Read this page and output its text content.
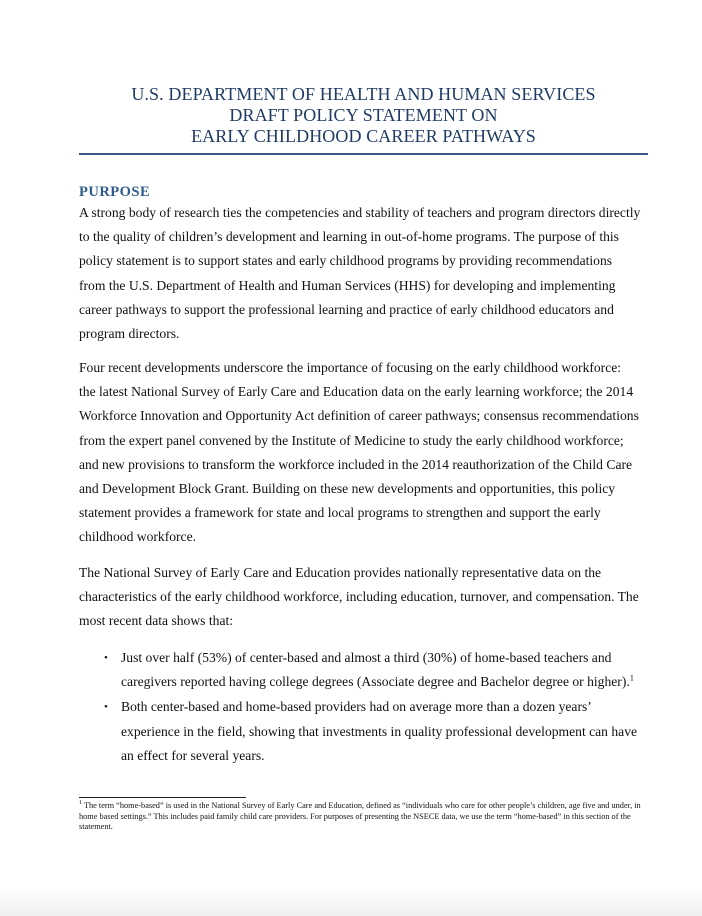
U.S. DEPARTMENT OF HEALTH AND HUMAN SERVICES
DRAFT POLICY STATEMENT ON
EARLY CHILDHOOD CAREER PATHWAYS
PURPOSE
A strong body of research ties the competencies and stability of teachers and program directors directly to the quality of children’s development and learning in out-of-home programs. The purpose of this policy statement is to support states and early childhood programs by providing recommendations from the U.S. Department of Health and Human Services (HHS) for developing and implementing career pathways to support the professional learning and practice of early childhood educators and program directors.
Four recent developments underscore the importance of focusing on the early childhood workforce: the latest National Survey of Early Care and Education data on the early learning workforce; the 2014 Workforce Innovation and Opportunity Act definition of career pathways; consensus recommendations from the expert panel convened by the Institute of Medicine to study the early childhood workforce; and new provisions to transform the workforce included in the 2014 reauthorization of the Child Care and Development Block Grant. Building on these new developments and opportunities, this policy statement provides a framework for state and local programs to strengthen and support the early childhood workforce.
The National Survey of Early Care and Education provides nationally representative data on the characteristics of the early childhood workforce, including education, turnover, and compensation. The most recent data shows that:
• Just over half (53%) of center-based and almost a third (30%) of home-based teachers and caregivers reported having college degrees (Associate degree and Bachelor degree or higher).$^1$
• Both center-based and home-based providers had on average more than a dozen years’ experience in the field, showing that investments in quality professional development can have an effect for several years.
$^1$ The term “home-based” is used in the National Survey of Early Care and Education, defined as “individuals who care for other people’s children, age five and under, in home based settings.” This includes paid family child care providers. For purposes of presenting the NSECE data, we use the term “home-based” in this section of the statement.
